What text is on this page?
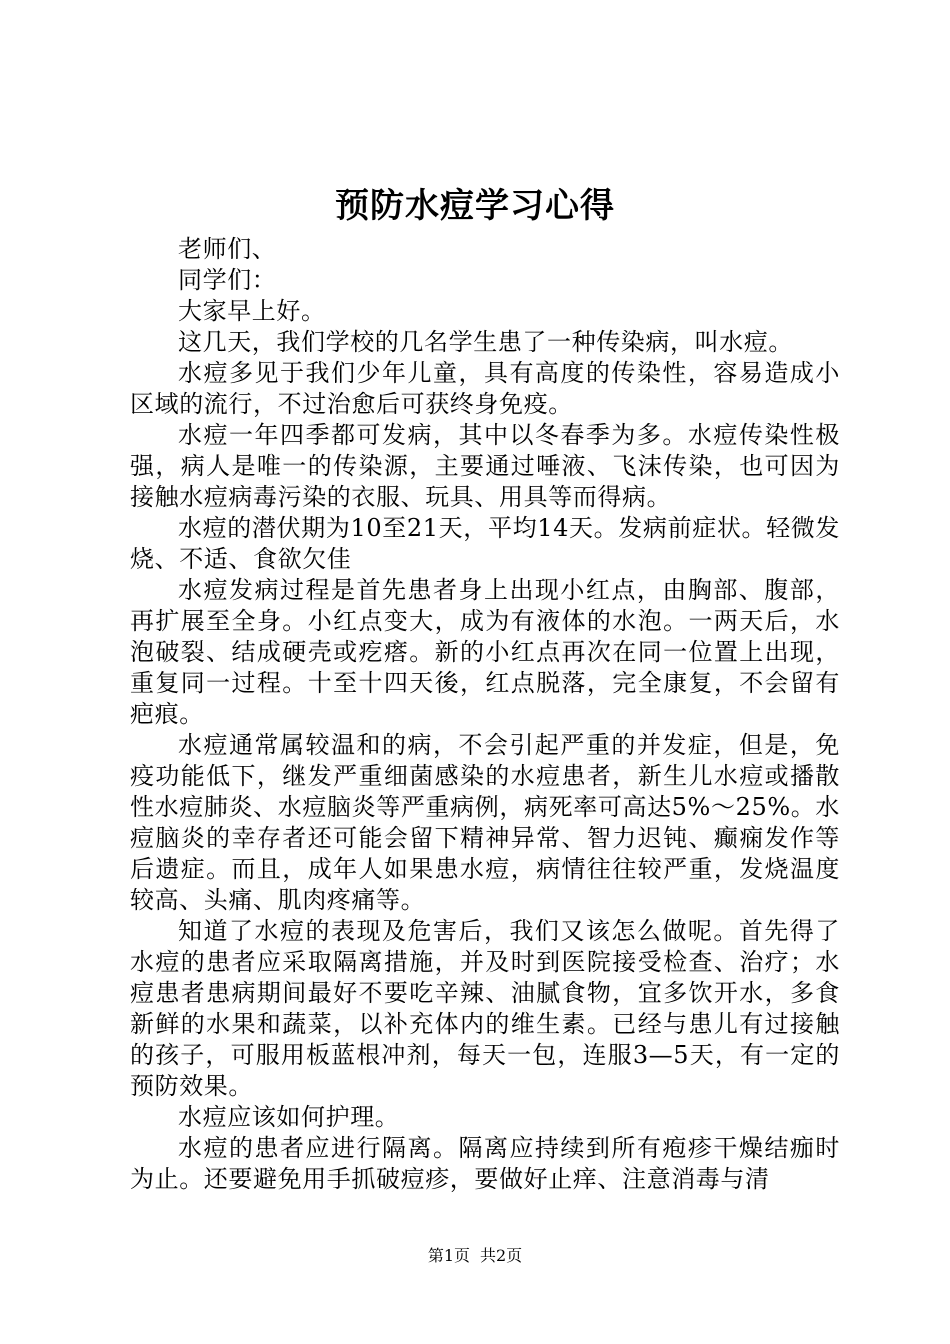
预防水痘学习心得

老师们、

同学们：

大家早上好。

这几天，我们学校的几名学生患了一种传染病，叫水痘。

水痘多见于我们少年儿童，具有高度的传染性，容易造成小区域的流行，不过治愈后可获终身免疫。

水痘一年四季都可发病，其中以冬春季为多。水痘传染性极强，病人是唯一的传染源，主要通过唾液、飞沫传染，也可因为接触水痘病毒污染的衣服、玩具、用具等而得病。

水痘的潜伏期为10至21天，平均14天。发病前症状。轻微发烧、不适、食欲欠佳

水痘发病过程是首先患者身上出现小红点，由胸部、腹部，再扩展至全身。小红点变大，成为有液体的水泡。一两天后，水泡破裂、结成硬壳或疙瘩。新的小红点再次在同一位置上出现，重复同一过程。十至十四天後，红点脱落，完全康复，不会留有疤痕。

水痘通常属较温和的病，不会引起严重的并发症，但是，免疫功能低下，继发严重细菌感染的水痘患者，新生儿水痘或播散性水痘肺炎、水痘脑炎等严重病例，病死率可高达5%～25%。水痘脑炎的幸存者还可能会留下精神异常、智力迟钝、癫痫发作等后遗症。而且，成年人如果患水痘，病情往往较严重，发烧温度较高、头痛、肌肉疼痛等。

知道了水痘的表现及危害后，我们又该怎么做呢。首先得了水痘的患者应采取隔离措施，并及时到医院接受检查、治疗；水痘患者患病期间最好不要吃辛辣、油腻食物，宜多饮开水，多食新鲜的水果和蔬菜，以补充体内的维生素。已经与患儿有过接触的孩子，可服用板蓝根冲剂，每天一包，连服3—5天，有一定的预防效果。

水痘应该如何护理。

水痘的患者应进行隔离。隔离应持续到所有疱疹干燥结痂时为止。还要避免用手抓破痘疹，要做好止痒、注意消毒与清

第1页 共2页
